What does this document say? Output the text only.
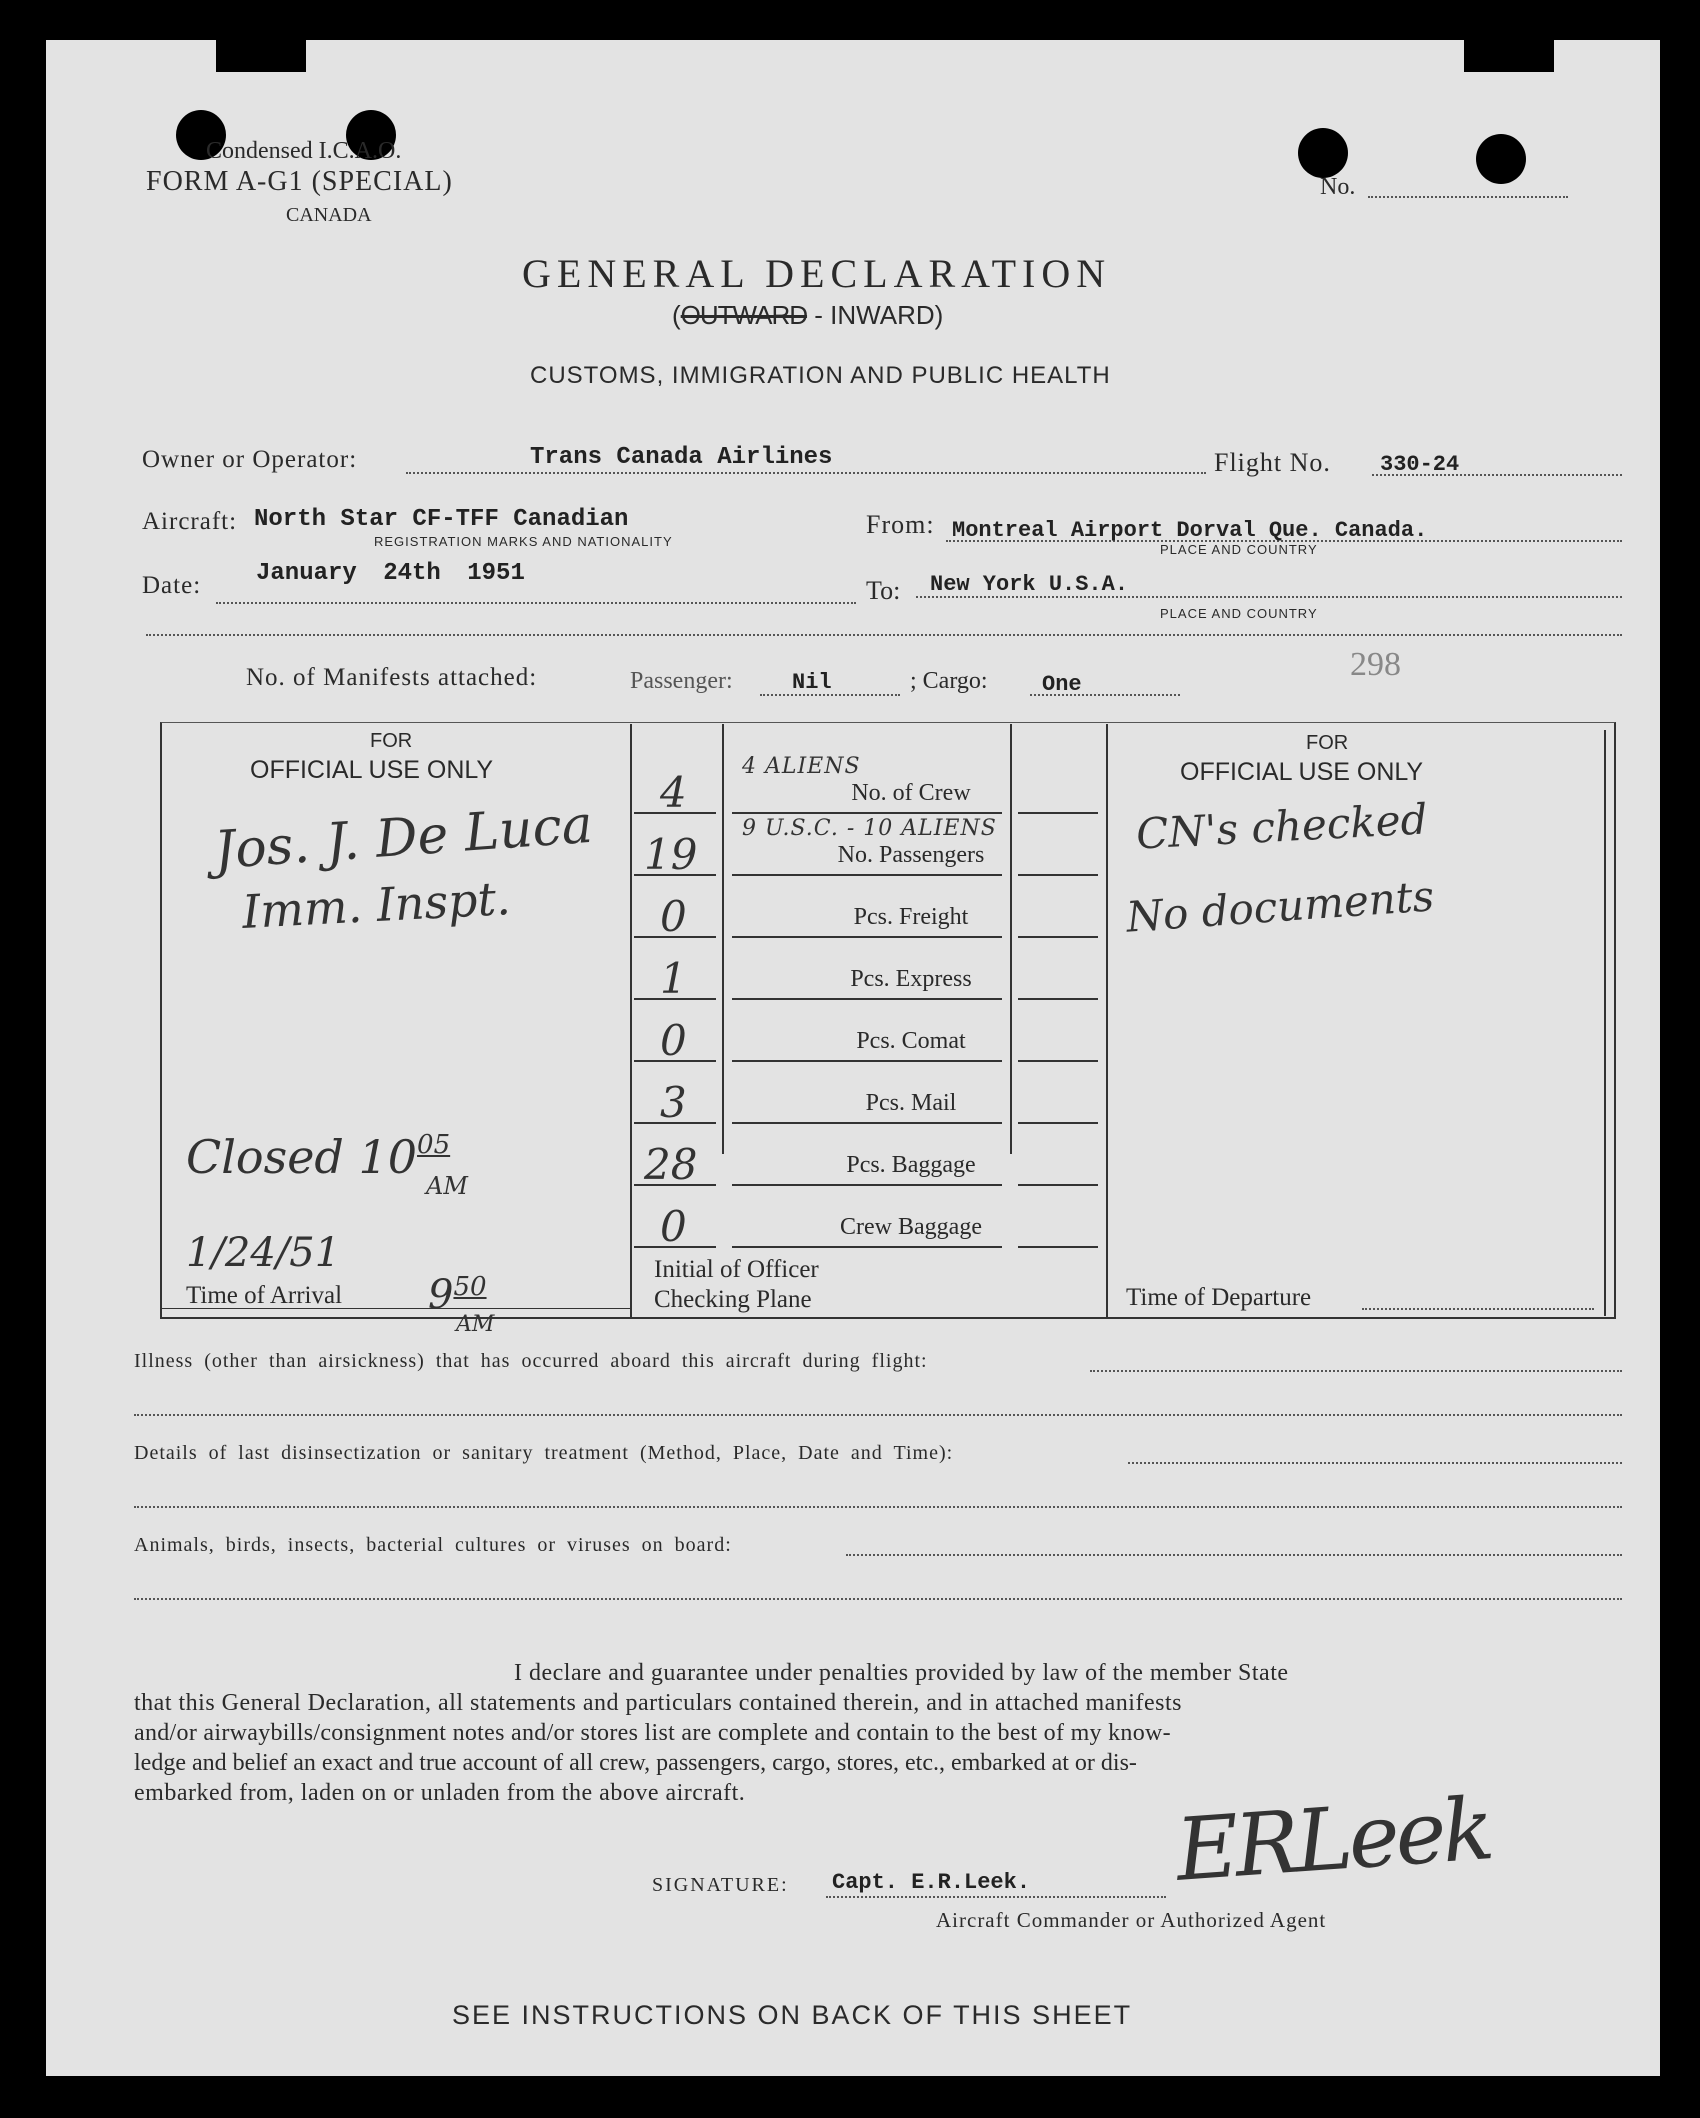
Condensed I.C.A.O.
FORM A-G1 (SPECIAL)
CANADA
No.
GENERAL DECLARATION
(OUTWARD - INWARD)
CUSTOMS, IMMIGRATION AND PUBLIC HEALTH
Owner or Operator:	Trans Canada Airlines	Flight No. 330-24
Aircraft: North Star CF-TFF Canadian
REGISTRATION MARKS AND NATIONALITY
From: Montreal Airport Dorval Que. Canada.
PLACE AND COUNTRY
Date: January 24th 1951
To: New York U.S.A.
PLACE AND COUNTRY
No. of Manifests attached:	Passenger:	Nil	; Cargo: One
298
FOR
OFFICIAL USE ONLY
Jos. J. De Luca
Imm. Inspt.
Closed $10^{05}$
AM
1/24/51
Time of Arrival $9^{50}$
AM
4	No. of Crew
4 ALIENS
19	No. Passengers
9 U.S.C. - 10 ALIENS
0	Pcs. Freight
1	Pcs. Express
0	Pcs. Comat
3	Pcs. Mail
28	Pcs. Baggage
0	Crew Baggage
Initial of Officer
Checking Plane
FOR
OFFICIAL USE ONLY
CN's checked
No documents
Time of Departure
Illness (other than airsickness) that has occurred aboard this aircraft during flight:
Details of last disinsectization or sanitary treatment (Method, Place, Date and Time):
Animals, birds, insects, bacterial cultures or viruses on board:
I declare and guarantee under penalties provided by law of the member State
that this General Declaration, all statements and particulars contained therein, and in attached manifests
and/or airwaybills/consignment notes and/or stores list are complete and contain to the best of my know-
ledge and belief an exact and true account of all crew, passengers, cargo, stores, etc., embarked at or dis-
embarked from, laden on or unladen from the above aircraft.
SIGNATURE: Capt. E.R.Leek. ERLeek
Aircraft Commander or Authorized Agent
SEE INSTRUCTIONS ON BACK OF THIS SHEET
